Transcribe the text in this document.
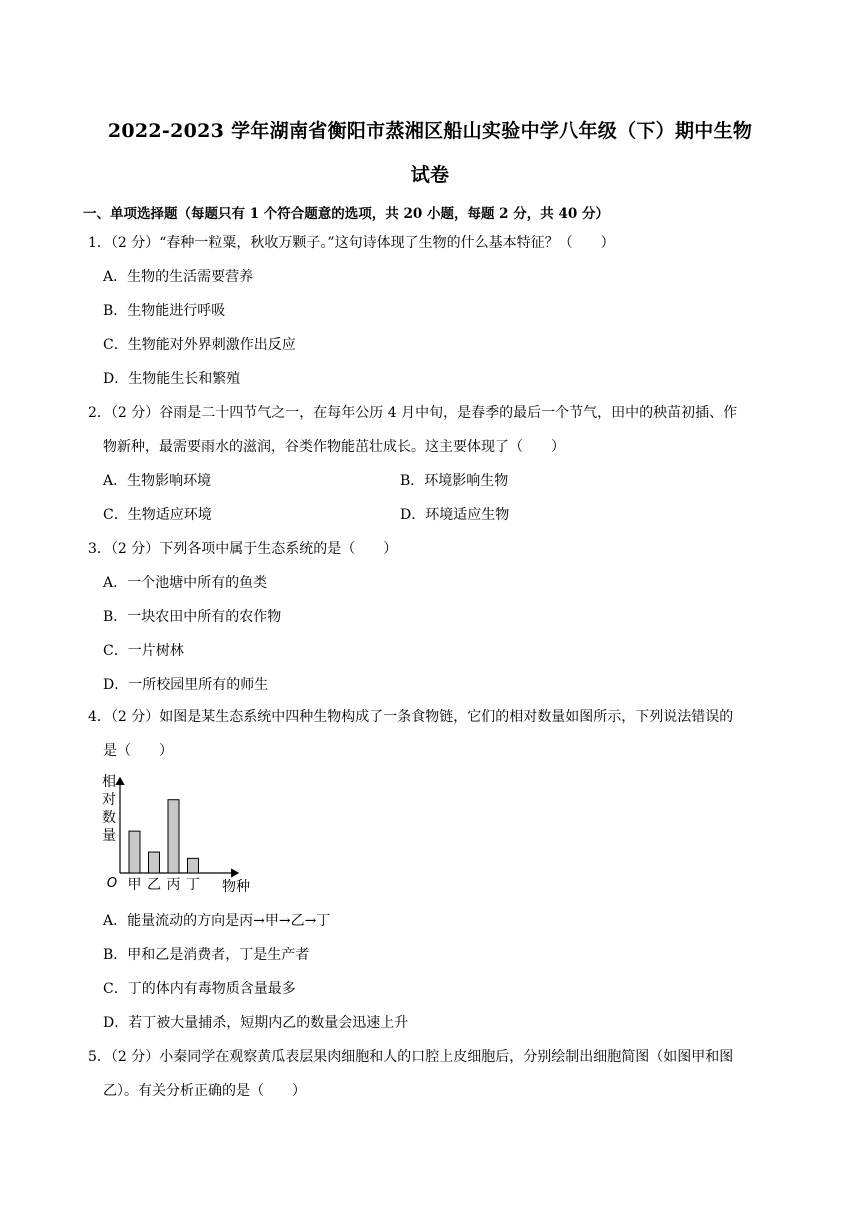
2022-2023 学年湖南省衡阳市蒸湘区船山实验中学八年级（下）期中生物
试卷
一、单项选择题（每题只有 1 个符合题意的选项，共 20 小题，每题 2 分，共 40 分）
1．（2 分）“春种一粒粟，秋收万颗子。”这句诗体现了生物的什么基本特征？（　　）
A．生物的生活需要营养
B．生物能进行呼吸
C．生物能对外界刺激作出反应
D．生物能生长和繁殖
2．（2 分）谷雨是二十四节气之一，在每年公历 4 月中旬，是春季的最后一个节气，田中的秧苗初插、作
物新种，最需要雨水的滋润，谷类作物能茁壮成长。这主要体现了（　　）
A．生物影响环境	B．环境影响生物
C．生物适应环境	D．环境适应生物
3．（2 分）下列各项中属于生态系统的是（　　）
A．一个池塘中所有的鱼类
B．一块农田中所有的农作物
C．一片树林
D．一所校园里所有的师生
4．（2 分）如图是某生态系统中四种生物构成了一条食物链，它们的相对数量如图所示，下列说法错误的
是（　　）
相对数量
O 甲 乙 丙 丁 物种
A．能量流动的方向是丙→甲→乙→丁
B．甲和乙是消费者，丁是生产者
C．丁的体内有毒物质含量最多
D．若丁被大量捕杀，短期内乙的数量会迅速上升
5．（2 分）小秦同学在观察黄瓜表层果肉细胞和人的口腔上皮细胞后，分别绘制出细胞简图（如图甲和图
乙）。有关分析正确的是（　　）
